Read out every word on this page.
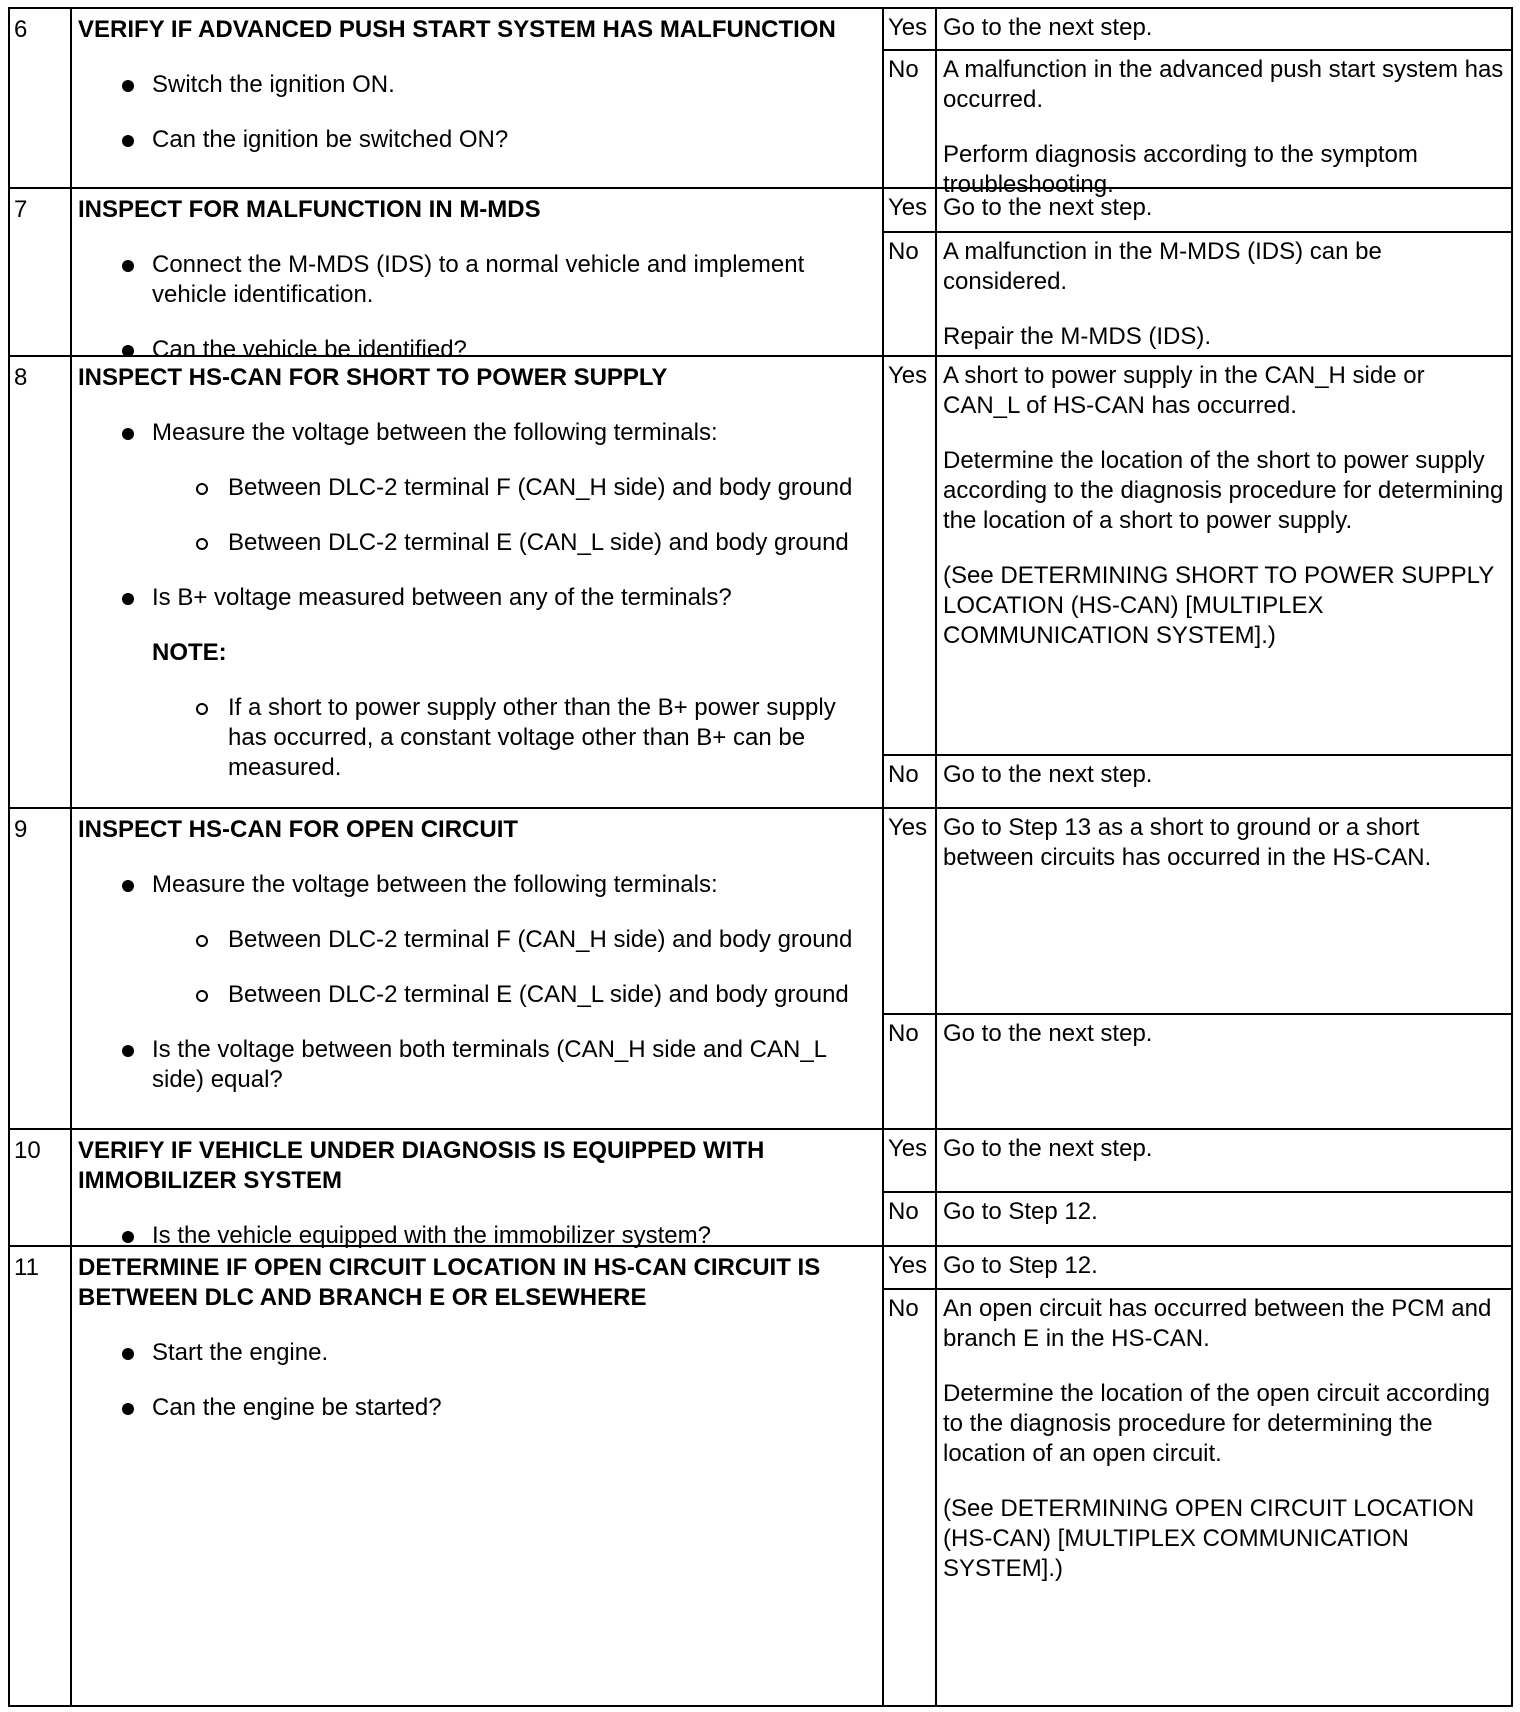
6	VERIFY IF ADVANCED PUSH START SYSTEM HAS MALFUNCTION
Switch the ignition ON.
Can the ignition be switched ON?
Yes Go to the next step.

No	A malfunction in the advanced push start system has occurred.

Perform diagnosis according to the symptom troubleshooting.

7	INSPECT FOR MALFUNCTION IN M-MDS
Connect the M-MDS (IDS) to a normal vehicle and implement vehicle identification.
Can the vehicle be identified?
Yes Go to the next step.

No	A malfunction in the M-MDS (IDS) can be considered.

Repair the M-MDS (IDS).

8	INSPECT HS-CAN FOR SHORT TO POWER SUPPLY
Measure the voltage between the following terminals:
Between DLC-2 terminal F (CAN_H side) and body ground
Between DLC-2 terminal E (CAN_L side) and body ground
Is B+ voltage measured between any of the terminals?
NOTE:
If a short to power supply other than the B+ power supply has occurred, a constant voltage other than B+ can be measured.
Yes A short to power supply in the CAN_H side or CAN_L of HS-CAN has occurred.

Determine the location of the short to power supply according to the diagnosis procedure for determining the location of a short to power supply.

(See DETERMINING SHORT TO POWER SUPPLY LOCATION (HS-CAN) [MULTIPLEX COMMUNICATION SYSTEM].)

No	Go to the next step.

9	INSPECT HS-CAN FOR OPEN CIRCUIT
Measure the voltage between the following terminals:
Between DLC-2 terminal F (CAN_H side) and body ground
Between DLC-2 terminal E (CAN_L side) and body ground
Is the voltage between both terminals (CAN_H side and CAN_L side) equal?
Yes Go to Step 13 as a short to ground or a short between circuits has occurred in the HS-CAN.

No	Go to the next step.

10	VERIFY IF VEHICLE UNDER DIAGNOSIS IS EQUIPPED WITH IMMOBILIZER SYSTEM
Is the vehicle equipped with the immobilizer system?
Yes Go to the next step.

No	Go to Step 12.

11	DETERMINE IF OPEN CIRCUIT LOCATION IN HS-CAN CIRCUIT IS BETWEEN DLC AND BRANCH E OR ELSEWHERE
Start the engine.
Can the engine be started?
Yes Go to Step 12.

No	An open circuit has occurred between the PCM and branch E in the HS-CAN.

Determine the location of the open circuit according to the diagnosis procedure for determining the location of an open circuit.

(See DETERMINING OPEN CIRCUIT LOCATION (HS-CAN) [MULTIPLEX COMMUNICATION SYSTEM].)
